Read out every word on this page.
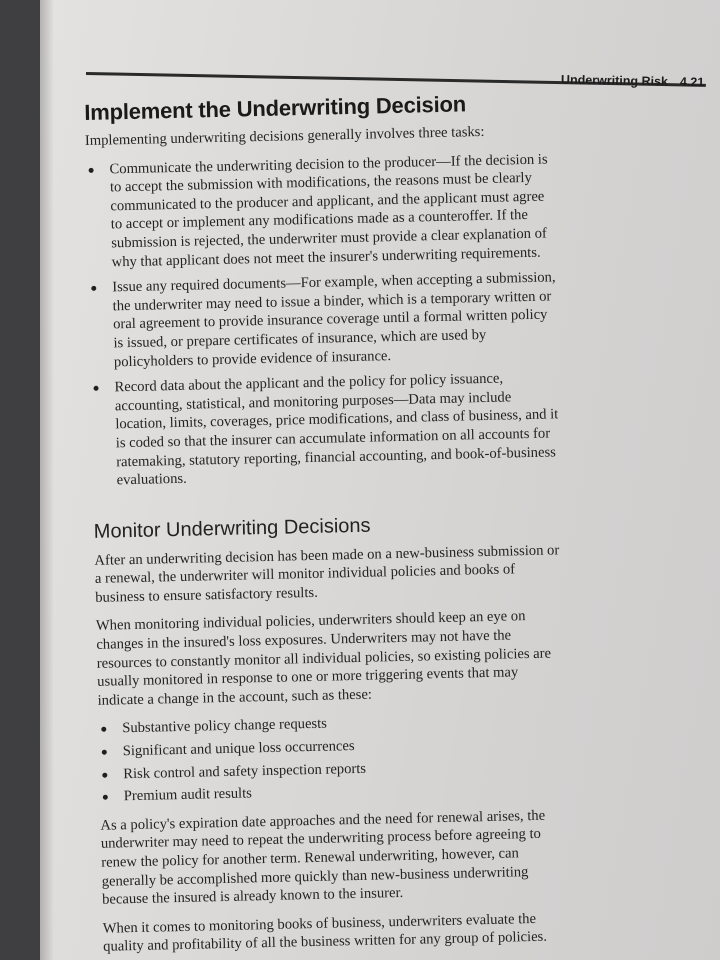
Underwriting Risk 4.21
Implement the Underwriting Decision

Implementing underwriting decisions generally involves three tasks:

Communicate the underwriting decision to the producer—If the decision is to accept the submission with modifications, the reasons must be clearly communicated to the producer and applicant, and the applicant must agree to accept or implement any modifications made as a counteroffer. If the submission is rejected, the underwriter must provide a clear explanation of why that applicant does not meet the insurer's underwriting requirements.
Issue any required documents—For example, when accepting a submission, the underwriter may need to issue a binder, which is a temporary written or oral agreement to provide insurance coverage until a formal written policy is issued, or prepare certificates of insurance, which are used by policyholders to provide evidence of insurance.
Record data about the applicant and the policy for policy issuance, accounting, statistical, and monitoring purposes—Data may include location, limits, coverages, price modifications, and class of business, and it is coded so that the insurer can accumulate information on all accounts for ratemaking, statutory reporting, financial accounting, and book-of-business evaluations.
Monitor Underwriting Decisions

After an underwriting decision has been made on a new-business submission or a renewal, the underwriter will monitor individual policies and books of business to ensure satisfactory results.

When monitoring individual policies, underwriters should keep an eye on changes in the insured's loss exposures. Underwriters may not have the resources to constantly monitor all individual policies, so existing policies are usually monitored in response to one or more triggering events that may indicate a change in the account, such as these:

Substantive policy change requests
Significant and unique loss occurrences
Risk control and safety inspection reports
Premium audit results

As a policy's expiration date approaches and the need for renewal arises, the underwriter may need to repeat the underwriting process before agreeing to renew the policy for another term. Renewal underwriting, however, can generally be accomplished more quickly than new-business underwriting because the insured is already known to the insurer.

When it comes to monitoring books of business, underwriters evaluate the quality and profitability of all the business written for any group of policies.
